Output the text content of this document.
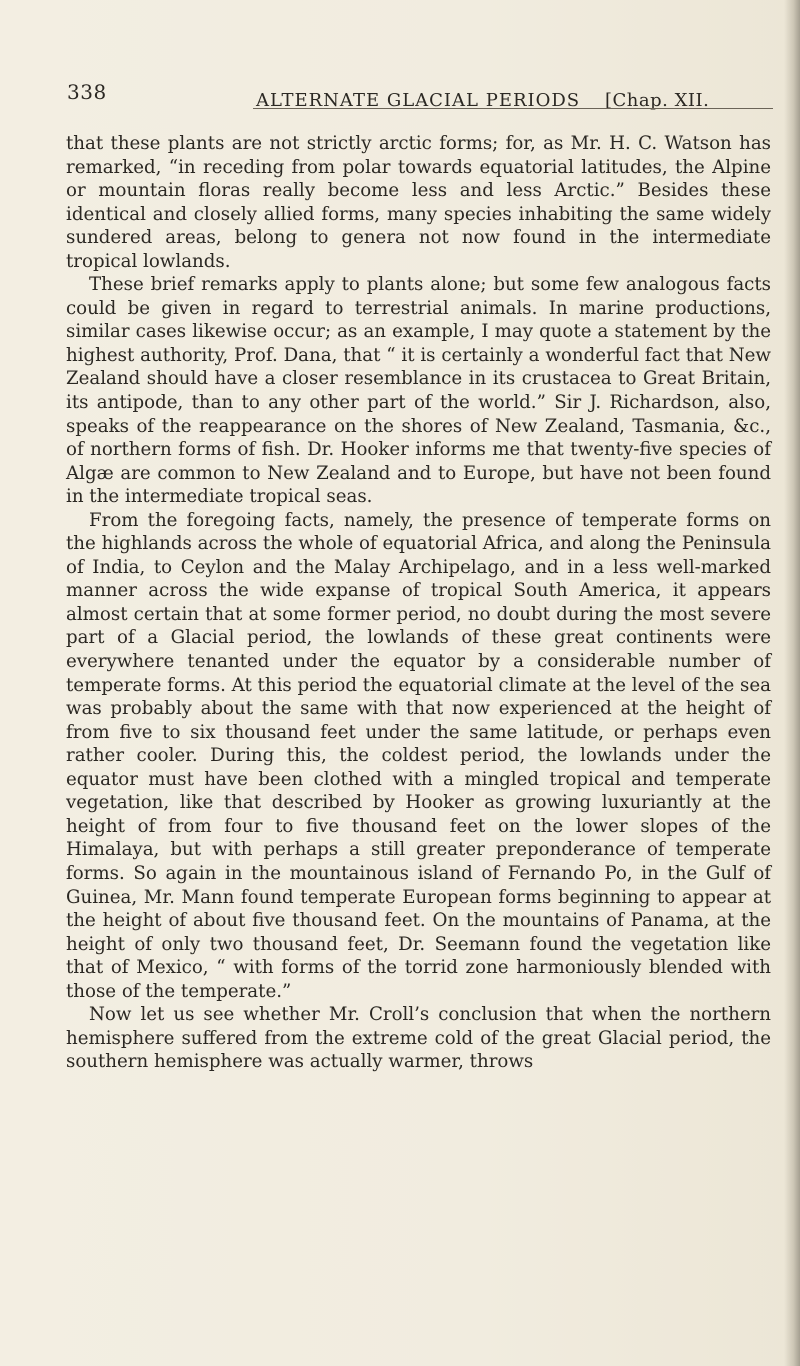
338	ALTERNATE GLACIAL PERIODS [Chap. XII.

that these plants are not strictly arctic forms; for, as Mr. H. C. Watson has remarked, “in receding from polar towards equatorial latitudes, the Alpine or mountain floras really become less and less Arctic.” Besides these identical and closely allied forms, many species inhabiting the same widely sundered areas, belong to genera not now found in the intermediate tropical lowlands.

These brief remarks apply to plants alone; but some few analogous facts could be given in regard to terrestrial animals. In marine productions, similar cases likewise occur; as an example, I may quote a statement by the highest authority, Prof. Dana, that “ it is certainly a wonderful fact that New Zealand should have a closer resemblance in its crustacea to Great Britain, its antipode, than to any other part of the world.” Sir J. Richardson, also, speaks of the reappearance on the shores of New Zealand, Tasmania, &c., of northern forms of fish. Dr. Hooker informs me that twenty-five species of Algæ are common to New Zealand and to Europe, but have not been found in the intermediate tropical seas.

From the foregoing facts, namely, the presence of temperate forms on the highlands across the whole of equatorial Africa, and along the Peninsula of India, to Ceylon and the Malay Archipelago, and in a less well-marked manner across the wide expanse of tropical South America, it appears almost certain that at some former period, no doubt during the most severe part of a Glacial period, the lowlands of these great continents were everywhere tenanted under the equator by a considerable number of temperate forms. At this period the equatorial climate at the level of the sea was probably about the same with that now experienced at the height of from five to six thousand feet under the same latitude, or perhaps even rather cooler. During this, the coldest period, the lowlands under the equator must have been clothed with a mingled tropical and temperate vegetation, like that described by Hooker as growing luxuriantly at the height of from four to five thousand feet on the lower slopes of the Himalaya, but with perhaps a still greater preponderance of temperate forms. So again in the mountainous island of Fernando Po, in the Gulf of Guinea, Mr. Mann found temperate European forms beginning to appear at the height of about five thousand feet. On the mountains of Panama, at the height of only two thousand feet, Dr. Seemann found the vegetation like that of Mexico, “ with forms of the torrid zone harmoniously blended with those of the temperate.”

Now let us see whether Mr. Croll’s conclusion that when the northern hemisphere suffered from the extreme cold of the great Glacial period, the southern hemisphere was actually warmer, throws
